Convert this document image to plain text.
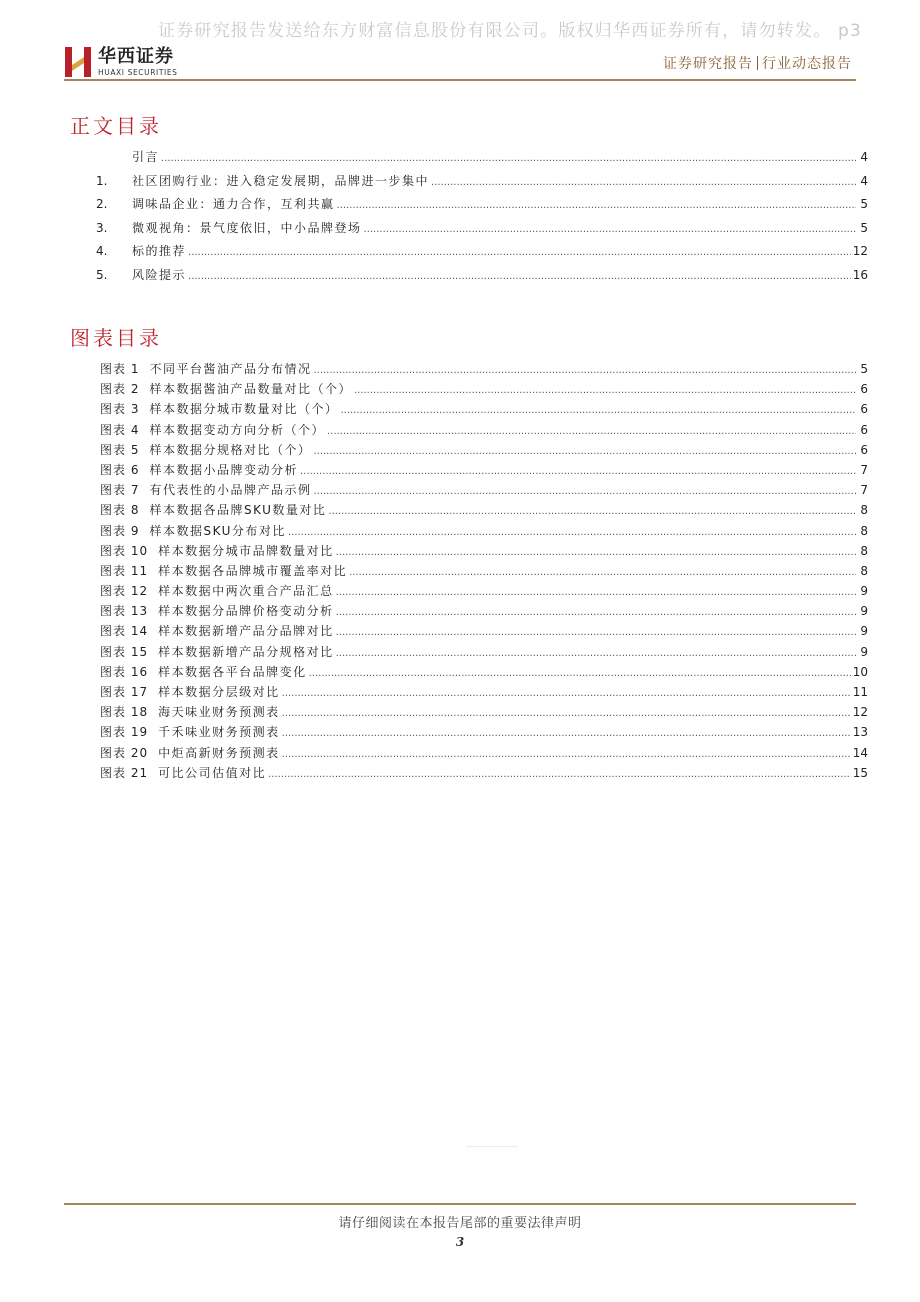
证券研究报告发送给东方财富信息股份有限公司。版权归华西证券所有，请勿转发。 p3
华西证券
HUAXI SECURITIES	证券研究报告 行业动态报告
正文目录
引言 .....	4
1.	社区团购行业：进入稳定发展期，品牌进一步集中 .....	4
2.	调味品企业：通力合作，互利共赢 .....	5
3.	微观视角：景气度依旧，中小品牌登场 .....	5
4.	标的推荐 .....	12
5.	风险提示 .....	16
图表目录
图表 1 不同平台酱油产品分布情况 .....	5
图表 2 样本数据酱油产品数量对比（个） .....	6
图表 3 样本数据分城市数量对比（个） .....	6
图表 4 样本数据变动方向分析（个） .....	6
图表 5 样本数据分规格对比（个） .....	6
图表 6 样本数据小品牌变动分析 .....	7
图表 7 有代表性的小品牌产品示例 .....	7
图表 8 样本数据各品牌SKU数量对比 .....	8
图表 9 样本数据SKU分布对比 .....	8
图表 10 样本数据分城市品牌数量对比 .....	8
图表 11 样本数据各品牌城市覆盖率对比 .....	8
图表 12 样本数据中两次重合产品汇总 .....	9
图表 13 样本数据分品牌价格变动分析 .....	9
图表 14 样本数据新增产品分品牌对比 .....	9
图表 15 样本数据新增产品分规格对比 .....	9
图表 16 样本数据各平台品牌变化 .....	10
图表 17 样本数据分层级对比 .....	11
图表 18 海天味业财务预测表 .....	12
图表 19 千禾味业财务预测表 .....	13
图表 20 中炬高新财务预测表 .....	14
图表 21 可比公司估值对比 .....	15
请仔细阅读在本报告尾部的重要法律声明
3
